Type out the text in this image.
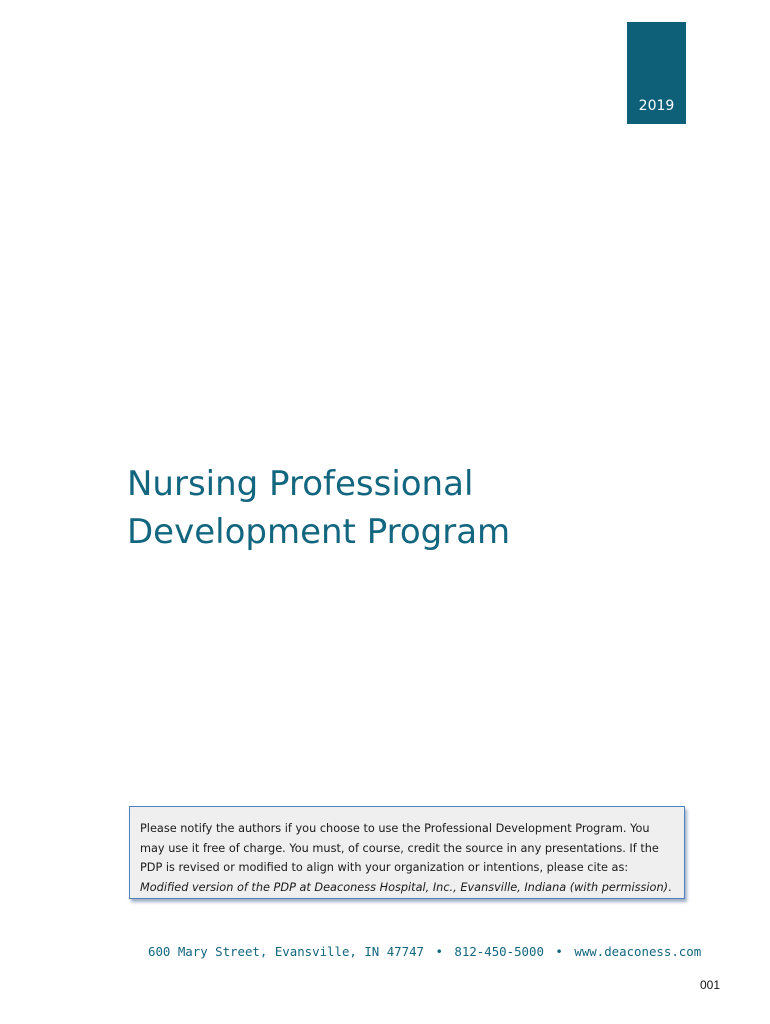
2019
Nursing Professional
Development Program
Please notify the authors if you choose to use the Professional Development Program. You may use it free of charge. You must, of course, credit the source in any presentations. If the PDP is revised or modified to align with your organization or intentions, please cite as: Modified version of the PDP at Deaconess Hospital, Inc., Evansville, Indiana (with permission).
600 Mary Street, Evansville, IN 47747 • 812-450-5000 • www.deaconess.com
001
